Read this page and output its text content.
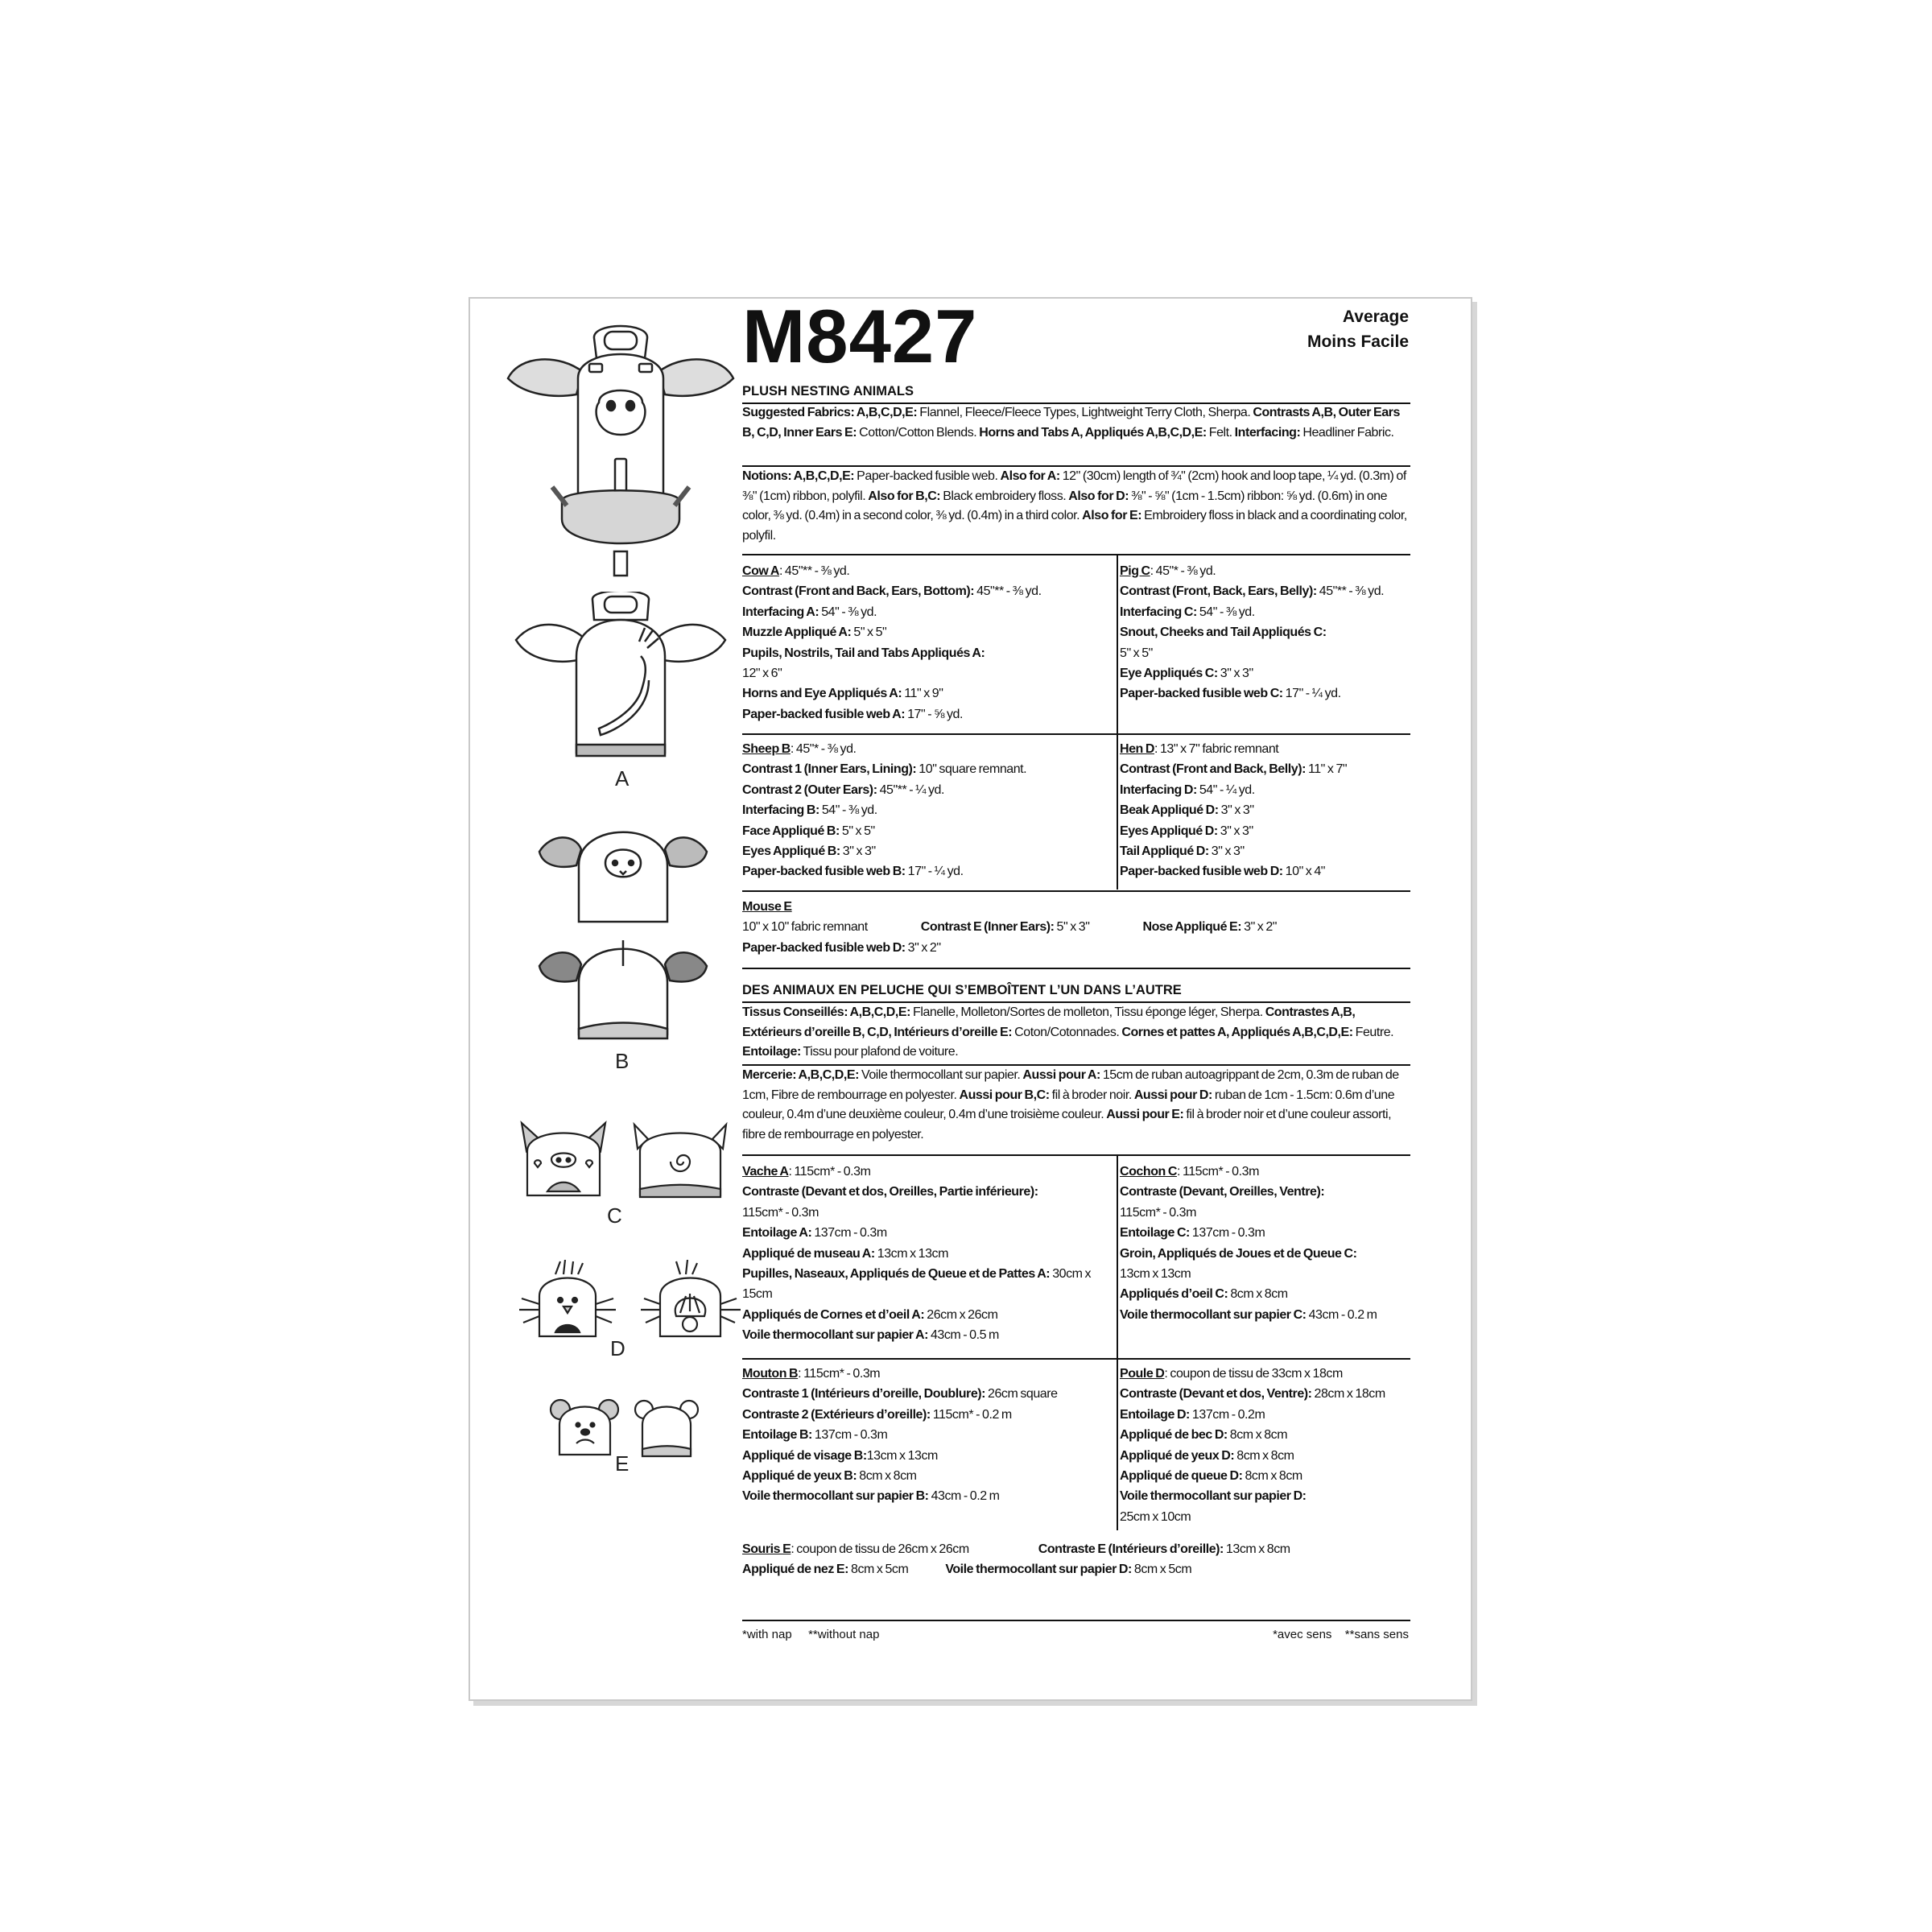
A
B
C
D
E
M8427	Average
Moins Facile
PLUSH NESTING ANIMALS
Suggested Fabrics: A,B,C,D,E: Flannel, Fleece/Fleece Types, Lightweight Terry Cloth, Sherpa. Contrasts A,B, Outer Ears B, C,D, Inner Ears E: Cotton/Cotton Blends. Horns and Tabs A, Appliqués A,B,C,D,E: Felt. Interfacing: Headliner Fabric.
Notions: A,B,C,D,E: Paper-backed fusible web. Also for A: 12" (30cm) length of ¾" (2cm) hook and loop tape, ¼ yd. (0.3m) of ⅜" (1cm) ribbon, polyfil. Also for B,C: Black embroidery floss. Also for D: ⅜" - ⅝" (1cm - 1.5cm) ribbon: ⅝ yd. (0.6m) in one color, ⅜ yd. (0.4m) in a second color, ⅜ yd. (0.4m) in a third color. Also for E: Embroidery floss in black and a coordinating color, polyfil.
Cow A: 45"** - ⅜ yd.
Contrast (Front and Back, Ears, Bottom): 45"** - ⅜ yd.
Interfacing A: 54" - ⅜ yd.
Muzzle Appliqué A: 5" x 5"
Pupils, Nostrils, Tail and Tabs Appliqués A:
12" x 6"
Horns and Eye Appliqués A: 11" x 9"
Paper-backed fusible web A: 17" - ⅝ yd.
Pig C: 45"* - ⅜ yd.
Contrast (Front, Back, Ears, Belly): 45"** - ⅜ yd.
Interfacing C: 54" - ⅜ yd.
Snout, Cheeks and Tail Appliqués C:
5" x 5"
Eye Appliqués C: 3" x 3"
Paper-backed fusible web C: 17" - ¼ yd.
Sheep B: 45"* - ⅜ yd.
Contrast 1 (Inner Ears, Lining): 10" square remnant.
Contrast 2 (Outer Ears): 45"** - ¼ yd.
Interfacing B: 54" - ⅜ yd.
Face Appliqué B: 5" x 5"
Eyes Appliqué B: 3" x 3"
Paper-backed fusible web B: 17" - ¼ yd.
Hen D: 13" x 7" fabric remnant
Contrast (Front and Back, Belly): 11" x 7"
Interfacing D: 54" - ¼ yd.
Beak Appliqué D: 3" x 3"
Eyes Appliqué D: 3" x 3"
Tail Appliqué D: 3" x 3"
Paper-backed fusible web D: 10" x 4"
Mouse E
10" x 10" fabric remnant	Contrast E (Inner Ears): 5" x 3"	Nose Appliqué E: 3" x 2"
Paper-backed fusible web D: 3" x 2"
DES ANIMAUX EN PELUCHE QUI S’EMBOÎTENT L’UN DANS L’AUTRE
Tissus Conseillés: A,B,C,D,E: Flanelle, Molleton/Sortes de molleton, Tissu éponge léger, Sherpa. Contrastes A,B, Extérieurs d’oreille B, C,D, Intérieurs d’oreille E: Coton/Cotonnades. Cornes et pattes A, Appliqués A,B,C,D,E: Feutre. Entoilage: Tissu pour plafond de voiture.
Mercerie: A,B,C,D,E: Voile thermocollant sur papier. Aussi pour A: 15cm de ruban autoagrippant de 2cm, 0.3m de ruban de 1cm, Fibre de rembourrage en polyester. Aussi pour B,C: fil à broder noir. Aussi pour D: ruban de 1cm - 1.5cm: 0.6m d’une couleur, 0.4m d’une deuxième couleur, 0.4m d’une troisième couleur. Aussi pour E: fil à broder noir et d’une couleur assorti, fibre de rembourrage en polyester.
Vache A: 115cm* - 0.3m
Contraste (Devant et dos, Oreilles, Partie inférieure):
115cm* - 0.3m
Entoilage A: 137cm - 0.3m
Appliqué de museau A: 13cm x 13cm
Pupilles, Naseaux, Appliqués de Queue et de Pattes A: 30cm x 15cm
Appliqués de Cornes et d’oeil A: 26cm x 26cm
Voile thermocollant sur papier A: 43cm - 0.5 m
Cochon C: 115cm* - 0.3m
Contraste (Devant, Oreilles, Ventre):
115cm* - 0.3m
Entoilage C: 137cm - 0.3m
Groin, Appliqués de Joues et de Queue C:
13cm x 13cm
Appliqués d’oeil C: 8cm x 8cm
Voile thermocollant sur papier C: 43cm - 0.2 m
Mouton B: 115cm* - 0.3m
Contraste 1 (Intérieurs d’oreille, Doublure): 26cm square
Contraste 2 (Extérieurs d’oreille): 115cm* - 0.2 m
Entoilage B: 137cm - 0.3m
Appliqué de visage B:13cm x 13cm
Appliqué de yeux B: 8cm x 8cm
Voile thermocollant sur papier B: 43cm - 0.2 m
Poule D: coupon de tissu de 33cm x 18cm
Contraste (Devant et dos, Ventre): 28cm x 18cm
Entoilage D: 137cm - 0.2m
Appliqué de bec D: 8cm x 8cm
Appliqué de yeux D: 8cm x 8cm
Appliqué de queue D: 8cm x 8cm
Voile thermocollant sur papier D:
25cm x 10cm
Souris E: coupon de tissu de 26cm x 26cm	Contraste E (Intérieurs d’oreille): 13cm x 8cm
Appliqué de nez E: 8cm x 5cm	Voile thermocollant sur papier D: 8cm x 5cm
*with nap **without nap	*avec sens **sans sens
